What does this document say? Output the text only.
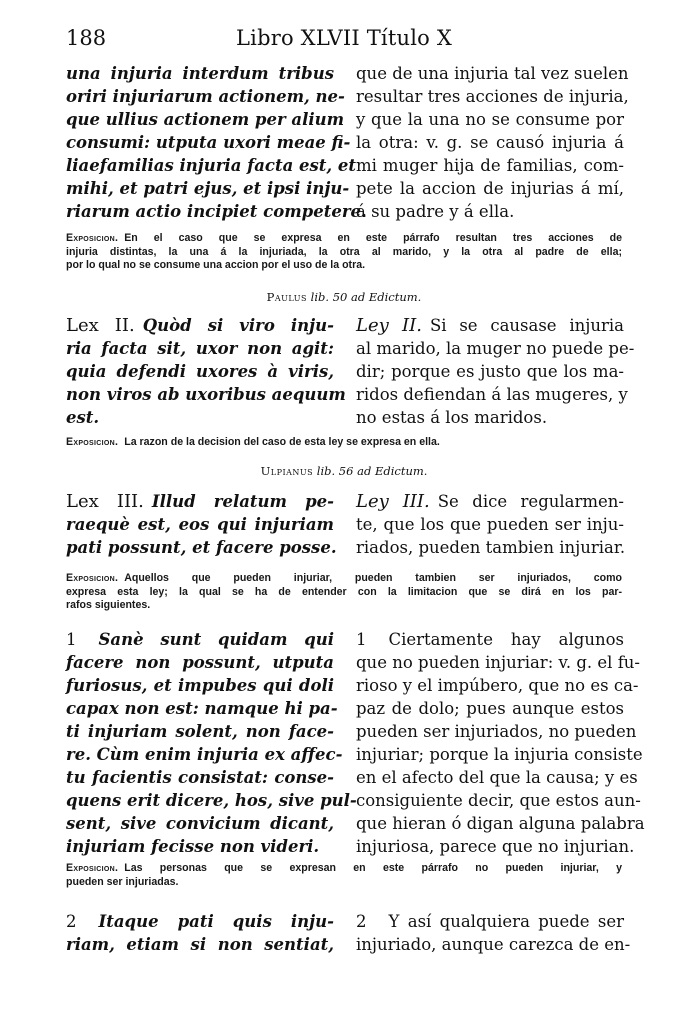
188	Libro XLVII Título X
una injuria interdum tribus
oriri injuriarum actionem, ne-
que ullius actionem per alium
consumi: utputa uxori meae fi-
liaefamilias injuria facta est, et
mihi, et patri ejus, et ipsi inju-
riarum actio incipiet competere.
que de una injuria tal vez suelen
resultar tres acciones de injuria,
y que la una no se consume por
la otra: v. g. se causó injuria á
mi muger hija de familias, com-
pete la accion de injurias á mí,
á su padre y á ella.
Exposicion. En el caso que se expresa en este párrafo resultan tres acciones de
injuria distintas, la una á la injuriada, la otra al marido, y la otra al padre de ella;
por lo qual no se consume una accion por el uso de la otra.
Paulus lib. 50 ad Edictum.
Lex II. Quòd si viro inju-
ria facta sit, uxor non agit:
quia defendi uxores à viris,
non viros ab uxoribus aequum
est.
Ley II. Si se causase injuria
al marido, la muger no puede pe-
dir; porque es justo que los ma-
ridos defiendan á las mugeres, y
no estas á los maridos.
Exposicion. La razon de la decision del caso de esta ley se expresa en ella.
Ulpianus lib. 56 ad Edictum.
Lex III. Illud relatum pe-
raequè est, eos qui injuriam
pati possunt, et facere posse.
Ley III. Se dice regularmen-
te, que los que pueden ser inju-
riados, pueden tambien injuriar.
Exposicion. Aquellos que pueden injuriar, pueden tambien ser injuriados, como
expresa esta ley; la qual se ha de entender con la limitacion que se dirá en los par-
rafos siguientes.
1 Sanè sunt quidam qui
facere non possunt, utputa
furiosus, et impubes qui doli
capax non est: namque hi pa-
ti injuriam solent, non face-
re. Cùm enim injuria ex affec-
tu facientis consistat: conse-
quens erit dicere, hos, sive pul-
sent, sive convicium dicant,
injuriam fecisse non videri.
1 Ciertamente hay algunos
que no pueden injuriar: v. g. el fu-
rioso y el impúbero, que no es ca-
paz de dolo; pues aunque estos
pueden ser injuriados, no pueden
injuriar; porque la injuria consiste
en el afecto del que la causa; y es
consiguiente decir, que estos aun-
que hieran ó digan alguna palabra
injuriosa, parece que no injurian.
Exposicion. Las personas que se expresan en este párrafo no pueden injuriar, y
pueden ser injuriadas.
2 Itaque pati quis inju-
riam, etiam si non sentiat,
2 Y así qualquiera puede ser
injuriado, aunque carezca de en-
